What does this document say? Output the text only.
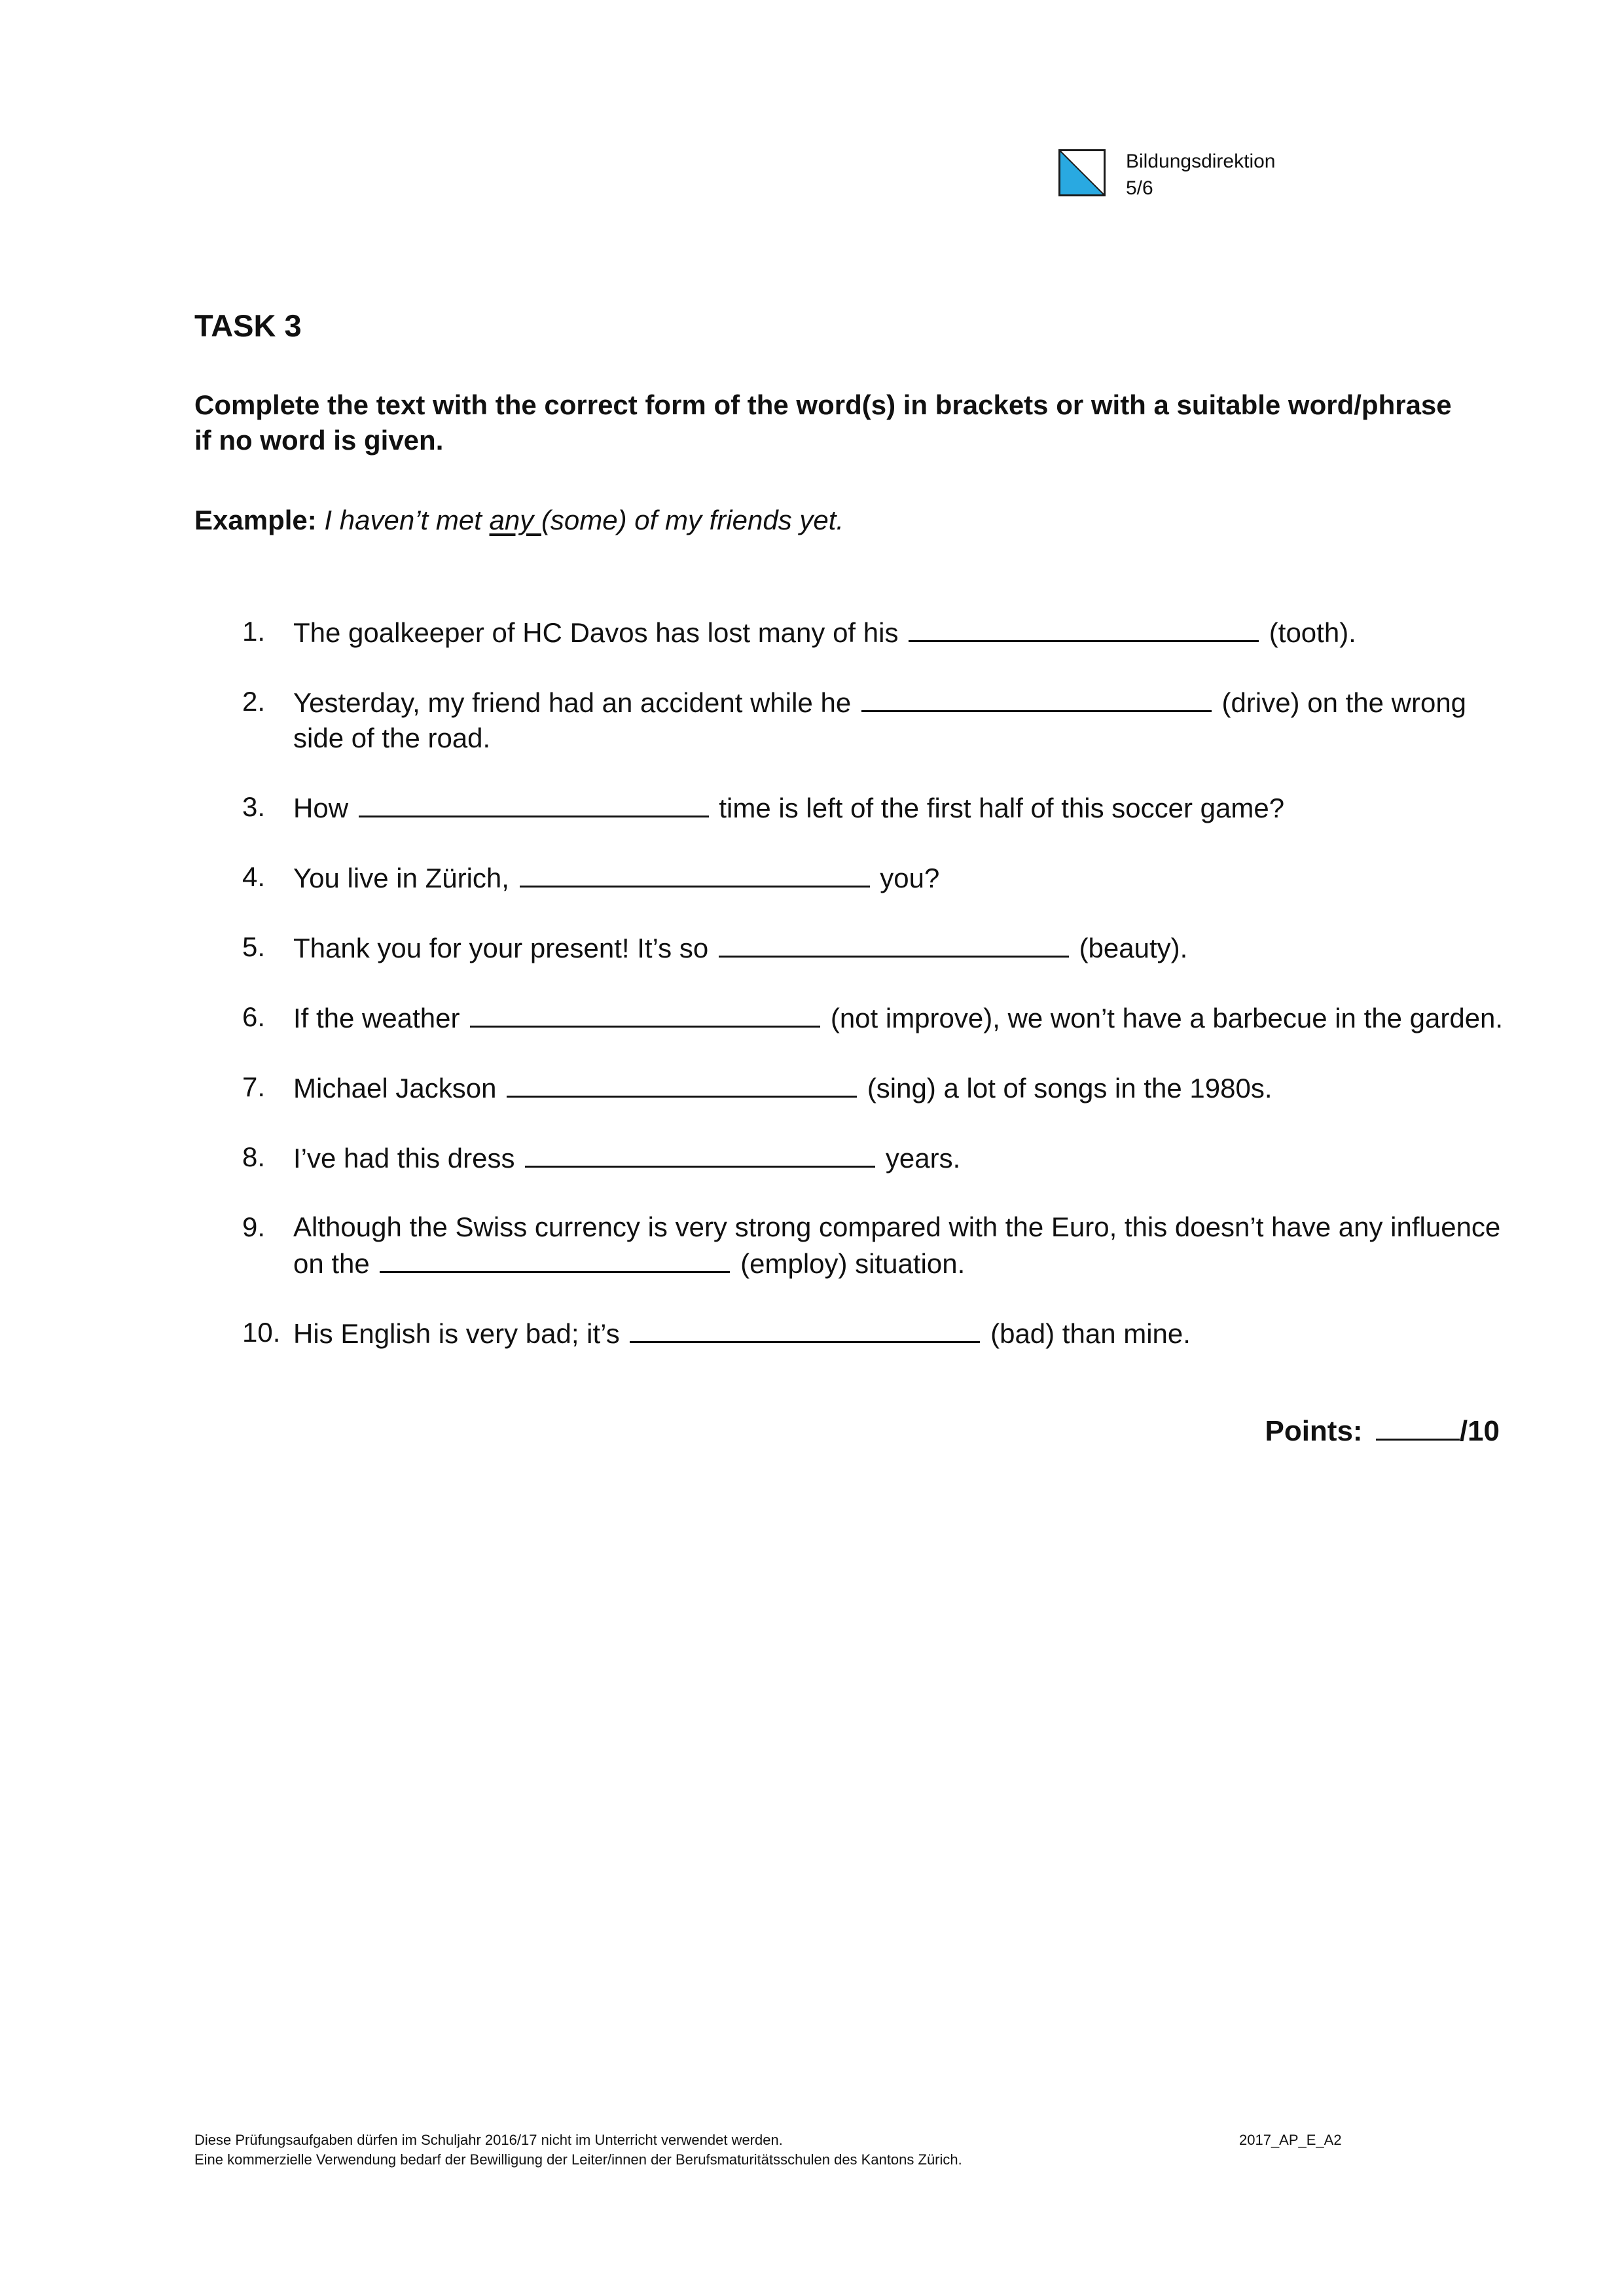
Bildungsdirektion
5/6
TASK 3

Complete the text with the correct form of the word(s) in brackets or with a suitable word/phrase if no word is given.

Example: I haven’t met any (some) of my friends yet.
1. The goalkeeper of HC Davos has lost many of his	(tooth).
2. Yesterday, my friend had an accident while he	(drive) on the wrong side of the road.
3. How	time is left of the first half of this soccer game?
4. You live in Zürich,	you?
5. Thank you for your present! It’s so	(beauty).
6. If the weather	(not improve), we won’t have a barbecue in the garden.
7. Michael Jackson	(sing) a lot of songs in the 1980s.
8. I’ve had this dress	years.
9. Although the Swiss currency is very strong compared with the Euro, this doesn’t have any influence on the	(employ) situation.
10. His English is very bad; it’s	(bad) than mine.
Points:	/10
Diese Prüfungsaufgaben dürfen im Schuljahr 2016/17 nicht im Unterricht verwendet werden.
Eine kommerzielle Verwendung bedarf der Bewilligung der Leiter/innen der Berufsmaturitätsschulen des Kantons Zürich.
2017_AP_E_A2
